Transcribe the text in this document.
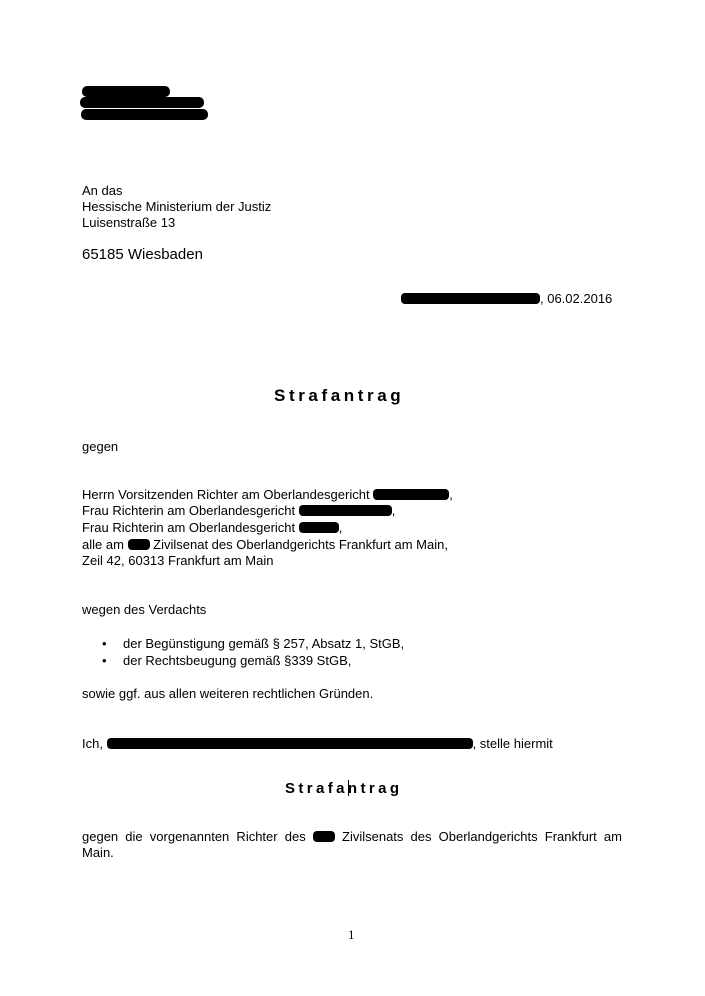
An das
Hessische Ministerium der Justiz
Luisenstraße 13
65185 Wiesbaden
, 06.02.2016
Strafantrag
gegen
Herrn Vorsitzenden Richter am Oberlandesgericht	,
Frau Richterin am Oberlandesgericht	,
Frau Richterin am Oberlandesgericht	,
alle am  Zivilsenat des Oberlandgerichts Frankfurt am Main,
Zeil 42, 60313 Frankfurt am Main
wegen des Verdachts
• der Begünstigung gemäß § 257, Absatz 1, StGB,
• der Rechtsbeugung gemäß §339 StGB,
sowie ggf. aus allen weiteren rechtlichen Gründen.
Ich,	, stelle hiermit
Strafantrag
gegen die vorgenannten Richter des  Zivilsenats des Oberlandgerichts Frankfurt am Main.
1
